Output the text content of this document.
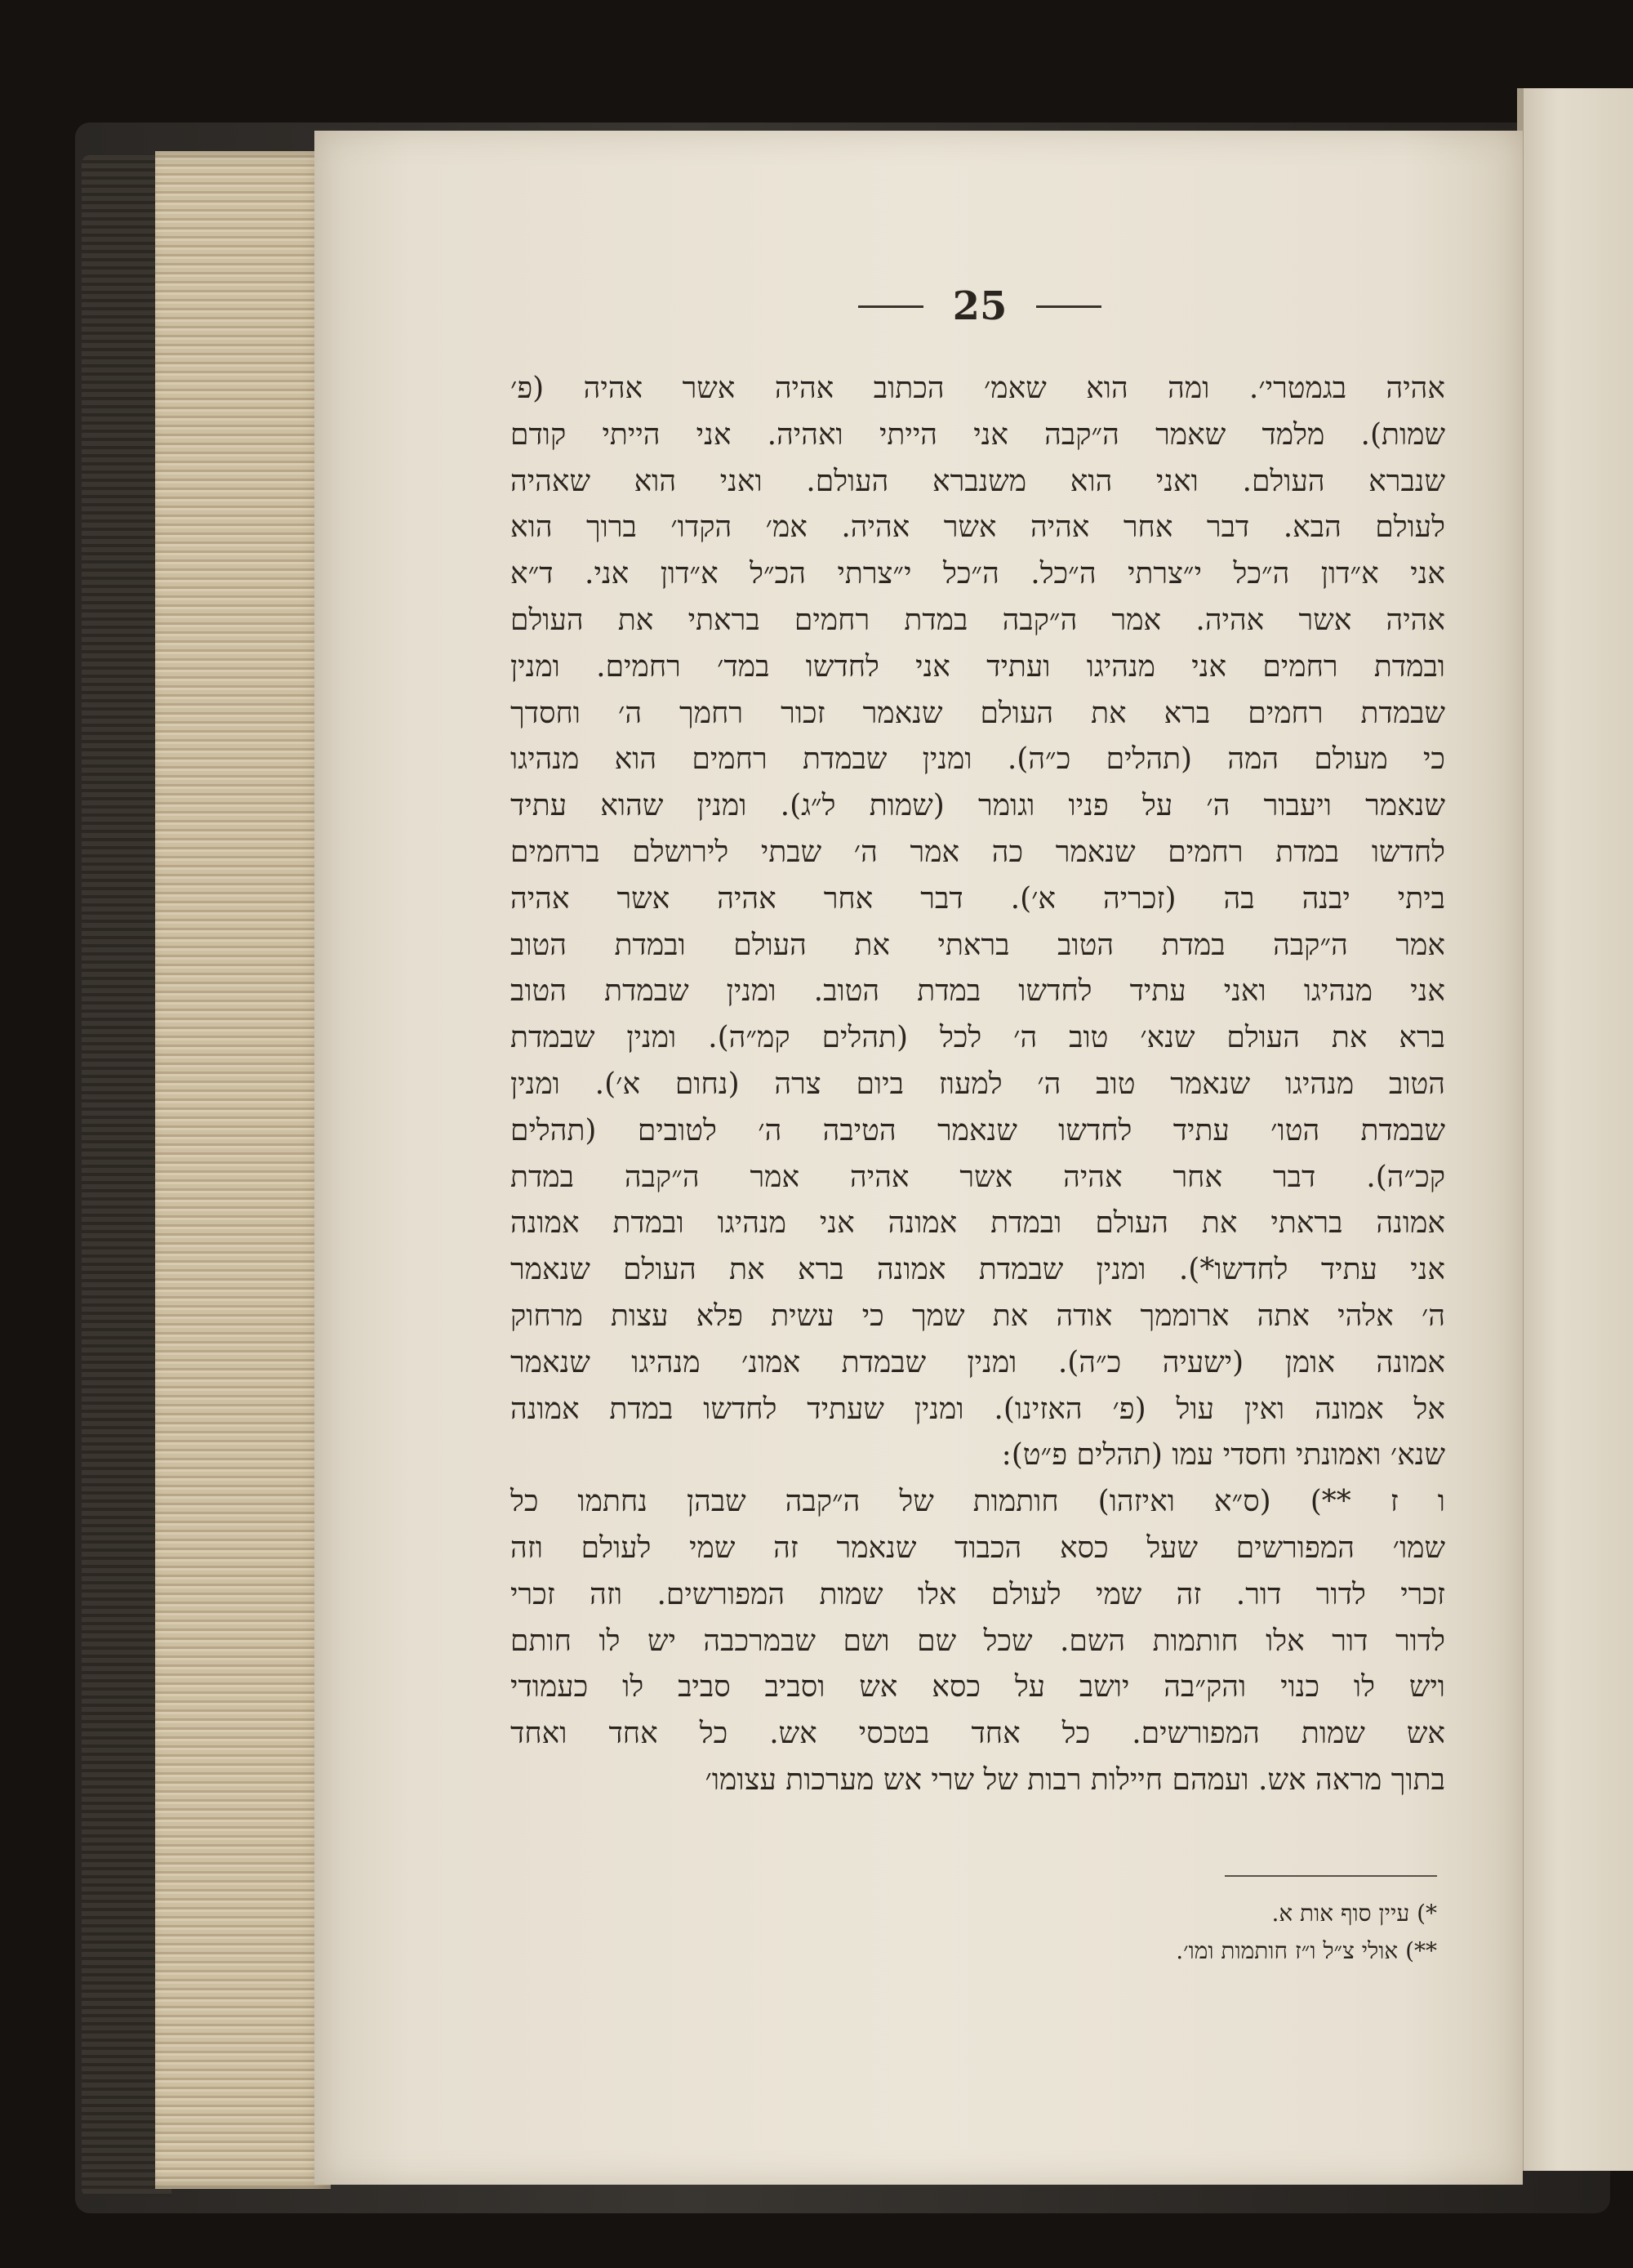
25
אהיה בגמטרי׳. ומה הוא שאמ׳ הכתוב אהיה אשר אהיה (פ׳
שמות). מלמד שאמר ה״קבה אני הייתי ואהיה. אני הייתי קודם
שנברא העולם. ואני הוא משנברא העולם. ואני הוא שאהיה
לעולם הבא. דבר אחר אהיה אשר אהיה. אמ׳ הקדו׳ ברוך הוא
אני א״דון ה״כל י״צרתי ה״כל. ה״כל י״צרתי הכ״ל א״דון אני. ד״א
אהיה אשר אהיה. אמר ה״קבה במדת רחמים בראתי את העולם
ובמדת רחמים אני מנהיגו ועתיד אני לחדשו במד׳ רחמים. ומנין
שבמדת רחמים ברא את העולם שנאמר זכור רחמך ה׳ וחסדך
כי מעולם המה (תהלים כ״ה). ומנין שבמדת רחמים הוא מנהיגו
שנאמר ויעבור ה׳ על פניו וגומר (שמות ל״ג). ומנין שהוא עתיד
לחדשו במדת רחמים שנאמר כה אמר ה׳ שבתי לירושלם ברחמים
ביתי יבנה בה (זכריה א׳). דבר אחר אהיה אשר אהיה
אמר ה״קבה במדת הטוב בראתי את העולם ובמדת הטוב
אני מנהיגו ואני עתיד לחדשו במדת הטוב. ומנין שבמדת הטוב
ברא את העולם שנא׳ טוב ה׳ לכל (תהלים קמ״ה). ומנין שבמדת
הטוב מנהיגו שנאמר טוב ה׳ למעוז ביום צרה (נחום א׳). ומנין
שבמדת הטו׳ עתיד לחדשו שנאמר הטיבה ה׳ לטובים (תהלים
קכ״ה). דבר אחר אהיה אשר אהיה אמר ה״קבה במדת
אמונה בראתי את העולם ובמדת אמונה אני מנהיגו ובמדת אמונה
אני עתיד לחדשו*). ומנין שבמדת אמונה ברא את העולם שנאמר
ה׳ אלהי אתה ארוממך אודה את שמך כי עשית פלא עצות מרחוק
אמונה אומן (ישעיה כ״ה). ומנין שבמדת אמונ׳ מנהיגו שנאמר
אל אמונה ואין עול (פ׳ האזינו). ומנין שעתיד לחדשו במדת אמונה
שנא׳ ואמונתי וחסדי עמו (תהלים פ״ט):
ו ז **) (ס״א ואיזהו) חותמות של ה״קבה שבהן נחתמו כל
שמו׳ המפורשים שעל כסא הכבוד שנאמר זה שמי לעולם וזה
זכרי לדור דור. זה שמי לעולם אלו שמות המפורשים. וזה זכרי
לדור דור אלו חותמות השם. שכל שם ושם שבמרכבה יש לו חותם
ויש לו כנוי והק״בה יושב על כסא אש וסביב סביב לו כעמודי
אש שמות המפורשים. כל אחד בטכסי אש. כל אחד ואחד
בתוך מראה אש. ועמהם חיילות רבות של שרי אש מערכות עצומו׳
*) עיין סוף אות א.
**) אולי צ״ל ו״ז חותמות ומו׳.
